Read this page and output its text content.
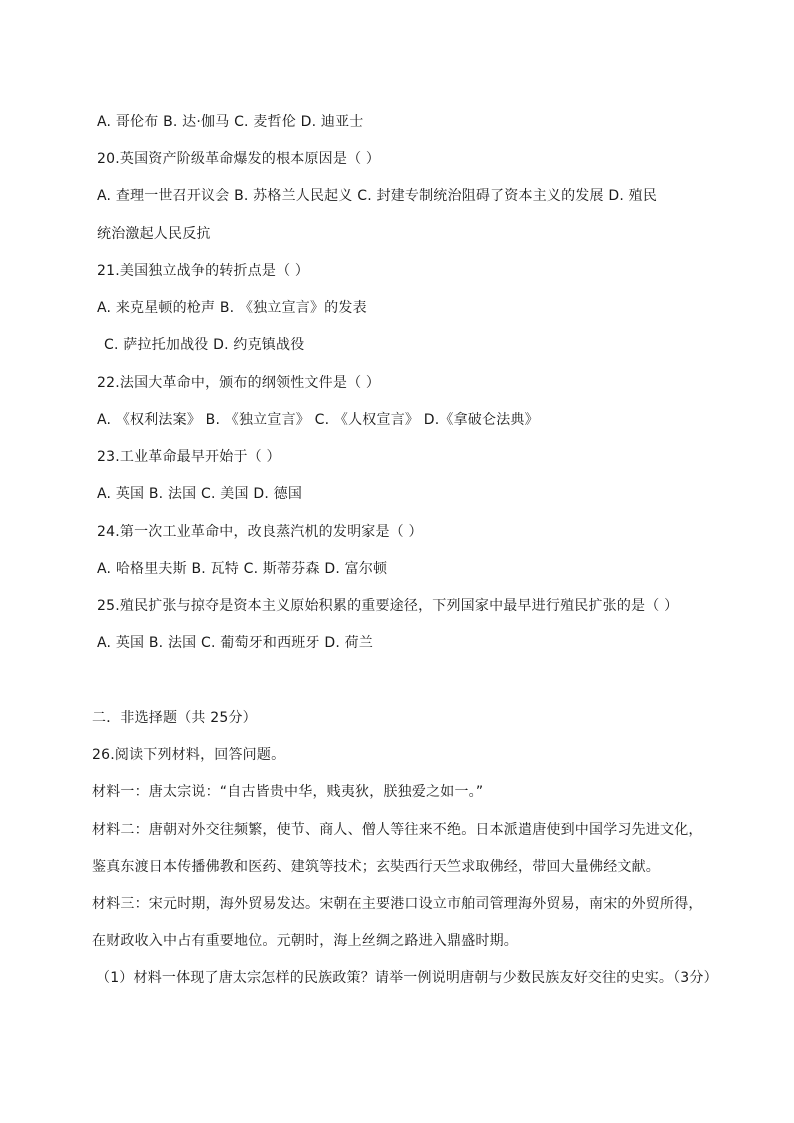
A. 哥伦布 B. 达·伽马 C. 麦哲伦 D. 迪亚士
20.英国资产阶级革命爆发的根本原因是（ ）
A. 查理一世召开议会 B. 苏格兰人民起义 C. 封建专制统治阻碍了资本主义的发展 D. 殖民
统治激起人民反抗
21.美国独立战争的转折点是（ ）
A. 来克星顿的枪声 B. 《独立宣言》的发表
C. 萨拉托加战役 D. 约克镇战役
22.法国大革命中，颁布的纲领性文件是（ ）
A. 《权利法案》 B. 《独立宣言》 C. 《人权宣言》 D.《拿破仑法典》
23.工业革命最早开始于（ ）
A. 英国 B. 法国 C. 美国 D. 德国
24.第一次工业革命中，改良蒸汽机的发明家是（ ）
A. 哈格里夫斯 B. 瓦特 C. 斯蒂芬森 D. 富尔顿
25.殖民扩张与掠夺是资本主义原始积累的重要途径，下列国家中最早进行殖民扩张的是（ ）
A. 英国 B. 法国 C. 葡萄牙和西班牙 D. 荷兰
二．非选择题（共 25分）
26.阅读下列材料，回答问题。
材料一：唐太宗说：“自古皆贵中华，贱夷狄，朕独爱之如一。”
材料二：唐朝对外交往频繁，使节、商人、僧人等往来不绝。日本派遣唐使到中国学习先进文化，
鉴真东渡日本传播佛教和医药、建筑等技术；玄奘西行天竺求取佛经，带回大量佛经文献。
材料三：宋元时期，海外贸易发达。宋朝在主要港口设立市舶司管理海外贸易，南宋的外贸所得，
在财政收入中占有重要地位。元朝时，海上丝绸之路进入鼎盛时期。
（1）材料一体现了唐太宗怎样的民族政策？请举一例说明唐朝与少数民族友好交往的史实。（3分）
